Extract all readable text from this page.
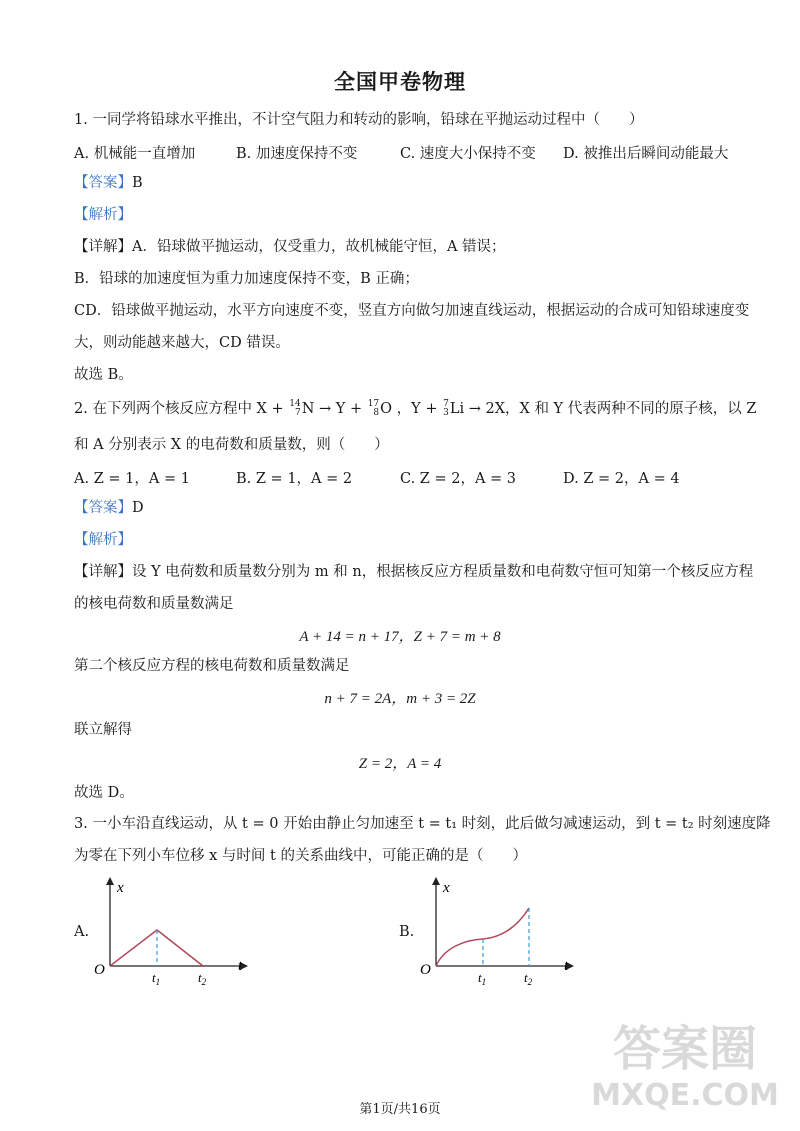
全国甲卷物理
1. 一同学将铅球水平推出，不计空气阻力和转动的影响，铅球在平抛运动过程中（　　）
A. 机械能一直增加	B. 加速度保持不变	C. 速度大小保持不变 D. 被推出后瞬间动能最大
【答案】B
【解析】
【详解】A．铅球做平抛运动，仅受重力，故机械能守恒，A 错误；
B．铅球的加速度恒为重力加速度保持不变，B 正确；
CD．铅球做平抛运动，水平方向速度不变，竖直方向做匀加速直线运动，根据运动的合成可知铅球速度变
大，则动能越来越大，CD 错误。
故选 B。
2. 在下列两个核反应方程中 X + 14
7 N → Y + 17
8 O ，Y + 7
3 Li → 2X，X 和 Y 代表两种不同的原子核，以 Z
和 A 分别表示 X 的电荷数和质量数，则（　　）
A. Z = 1，A = 1	B. Z = 1，A = 2	C. Z = 2，A = 3	D. Z = 2，A = 4
【答案】D
【解析】
【详解】设 Y 电荷数和质量数分别为 m 和 n，根据核反应方程质量数和电荷数守恒可知第一个核反应方程
的核电荷数和质量数满足
A + 14 = n + 17，Z + 7 = m + 8
第二个核反应方程的核电荷数和质量数满足
n + 7 = 2A，m + 3 = 2Z
联立解得
Z = 2，A = 4
故选 D。
3. 一小车沿直线运动，从 t = 0 开始由静止匀加速至 t = t₁ 时刻，此后做匀减速运动，到 t = t₂ 时刻速度降
为零在下列小车位移 x 与时间 t 的关系曲线中，可能正确的是（　　）
A.
x
t
O	$t_1$	$t_2$
B.
x
t
O	$t_1$	$t_2$
第1页/共16页
答案圈
MXQE.COM
